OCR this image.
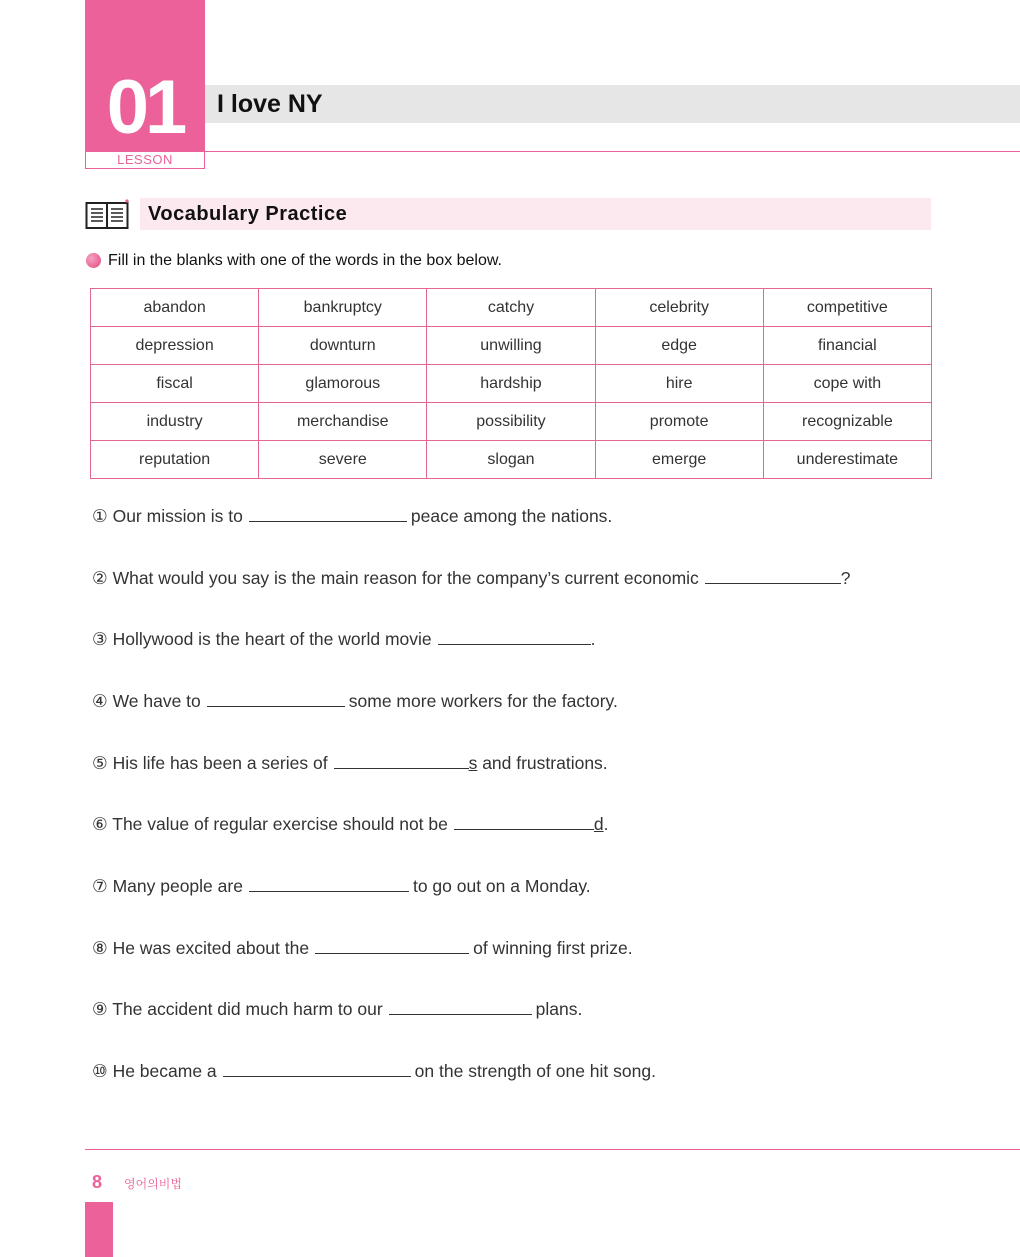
01
LESSON
I love NY
Vocabulary Practice
Fill in the blanks with one of the words in the box below.
abandon	bankruptcy	catchy	celebrity	competitive
depression	downturn	unwilling	edge	financial
fiscal	glamorous	hardship	hire	cope with
industry	merchandise	possibility	promote	recognizable
reputation	severe	slogan	emerge	underestimate
① Our mission is to	peace among the nations.
② What would you say is the main reason for the company’s current economic	?
③ Hollywood is the heart of the world movie	.
④ We have to	some more workers for the factory.
⑤ His life has been a series of	s and frustrations.
⑥ The value of regular exercise should not be	d.
⑦ Many people are	to go out on a Monday.
⑧ He was excited about the	of winning first prize.
⑨ The accident did much harm to our	plans.
⑩ He became a	on the strength of one hit song.
8 영어의비법
